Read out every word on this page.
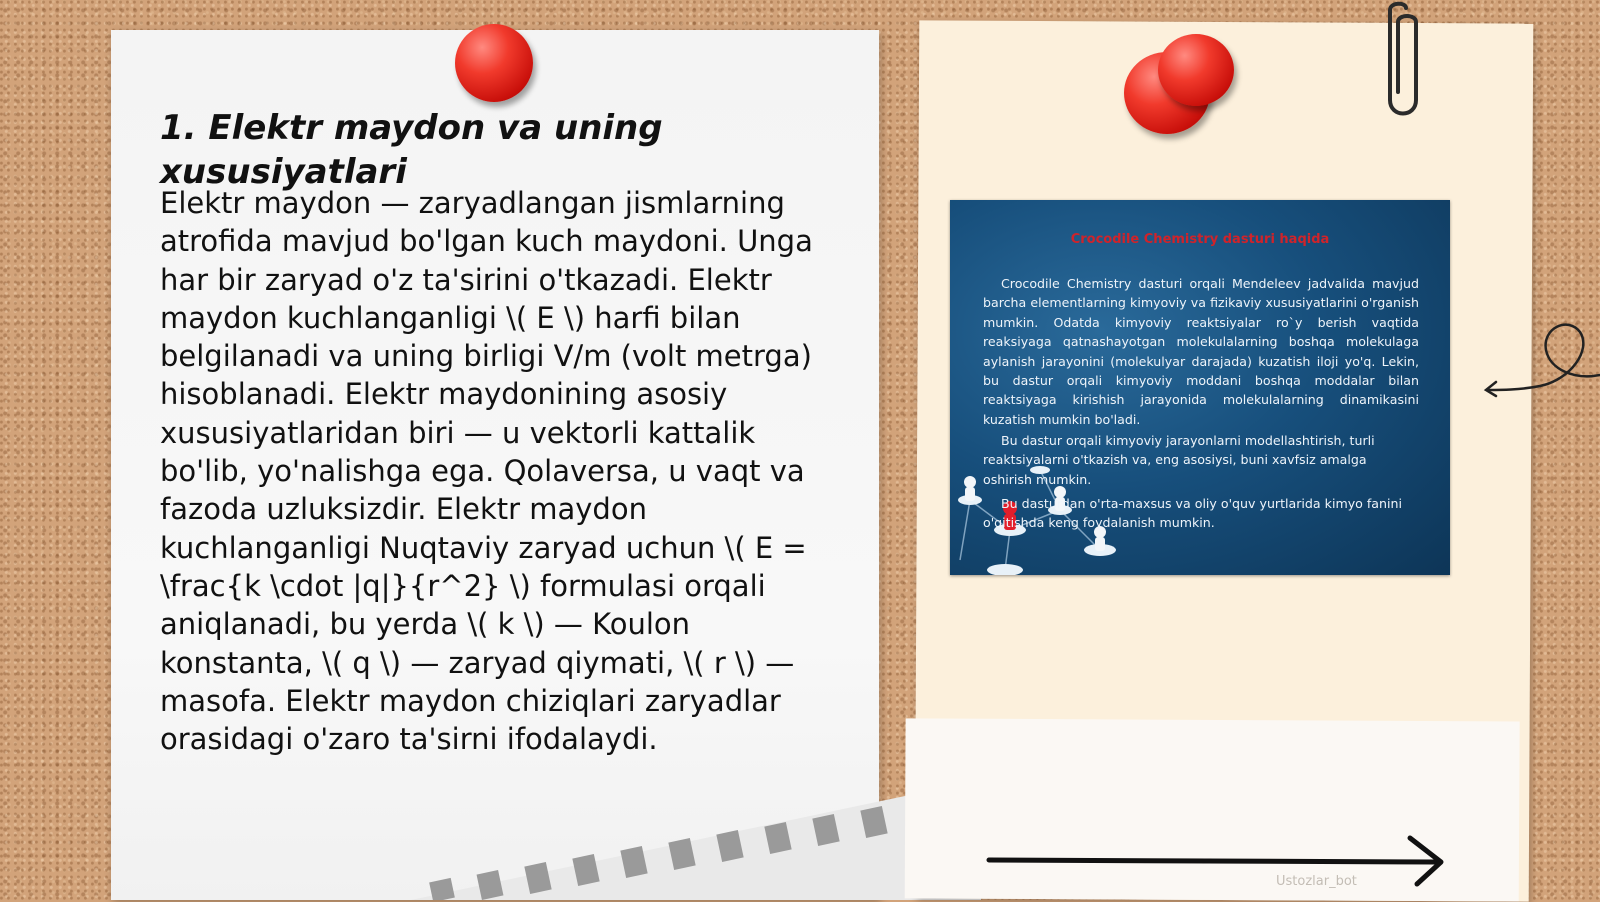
1. Elektr maydon va uning xususiyatlari

Elektr maydon — zaryadlangan jismlarning atrofida mavjud bo'lgan kuch maydoni. Unga har bir zaryad o'z ta'sirini o'tkazadi. Elektr maydon kuchlanganligi \( E \) harfi bilan belgilanadi va uning birligi V/m (volt metrga) hisoblanadi. Elektr maydonining asosiy xususiyatlaridan biri — u vektorli kattalik bo'lib, yo'nalishga ega. Qolaversa, u vaqt va fazoda uzluksizdir. Elektr maydon kuchlanganligi Nuqtaviy zaryad uchun \( E = \frac{k \cdot |q|}{r^2} \) formulasi orqali aniqlanadi, bu yerda \( k \) — Koulon konstanta, \( q \) — zaryad qiymati, \( r \) — masofa. Elektr maydon chiziqlari zaryadlar orasidagi o'zaro ta'sirni ifodalaydi.

Crocodile Chemistry dasturi haqida

Crocodile Chemistry dasturi orqali Mendeleev jadvalida mavjud barcha elementlarning kimyoviy va fizikaviy xususiyatlarini o'rganish mumkin. Odatda kimyoviy reaktsiyalar ro`y berish vaqtida reaksiyaga qatnashayotgan molekulalarning boshqa molekulaga aylanish jarayonini (molekulyar darajada) kuzatish iloji yo'q. Lekin, bu dastur orqali kimyoviy moddani boshqa moddalar bilan reaktsiyaga kirishish jarayonida molekulalarning dinamikasini kuzatish mumkin bo'ladi.

Bu dastur orqali kimyoviy jarayonlarni modellashtirish, turli reaktsiyalarni o'tkazish va, eng asosiysi, buni xavfsiz amalga oshirish mumkin.

Bu dasturdan o'rta-maxsus va oliy o'quv yurtlarida kimyo fanini o'qitishda keng foydalanish mumkin.

Ustozlar_bot
